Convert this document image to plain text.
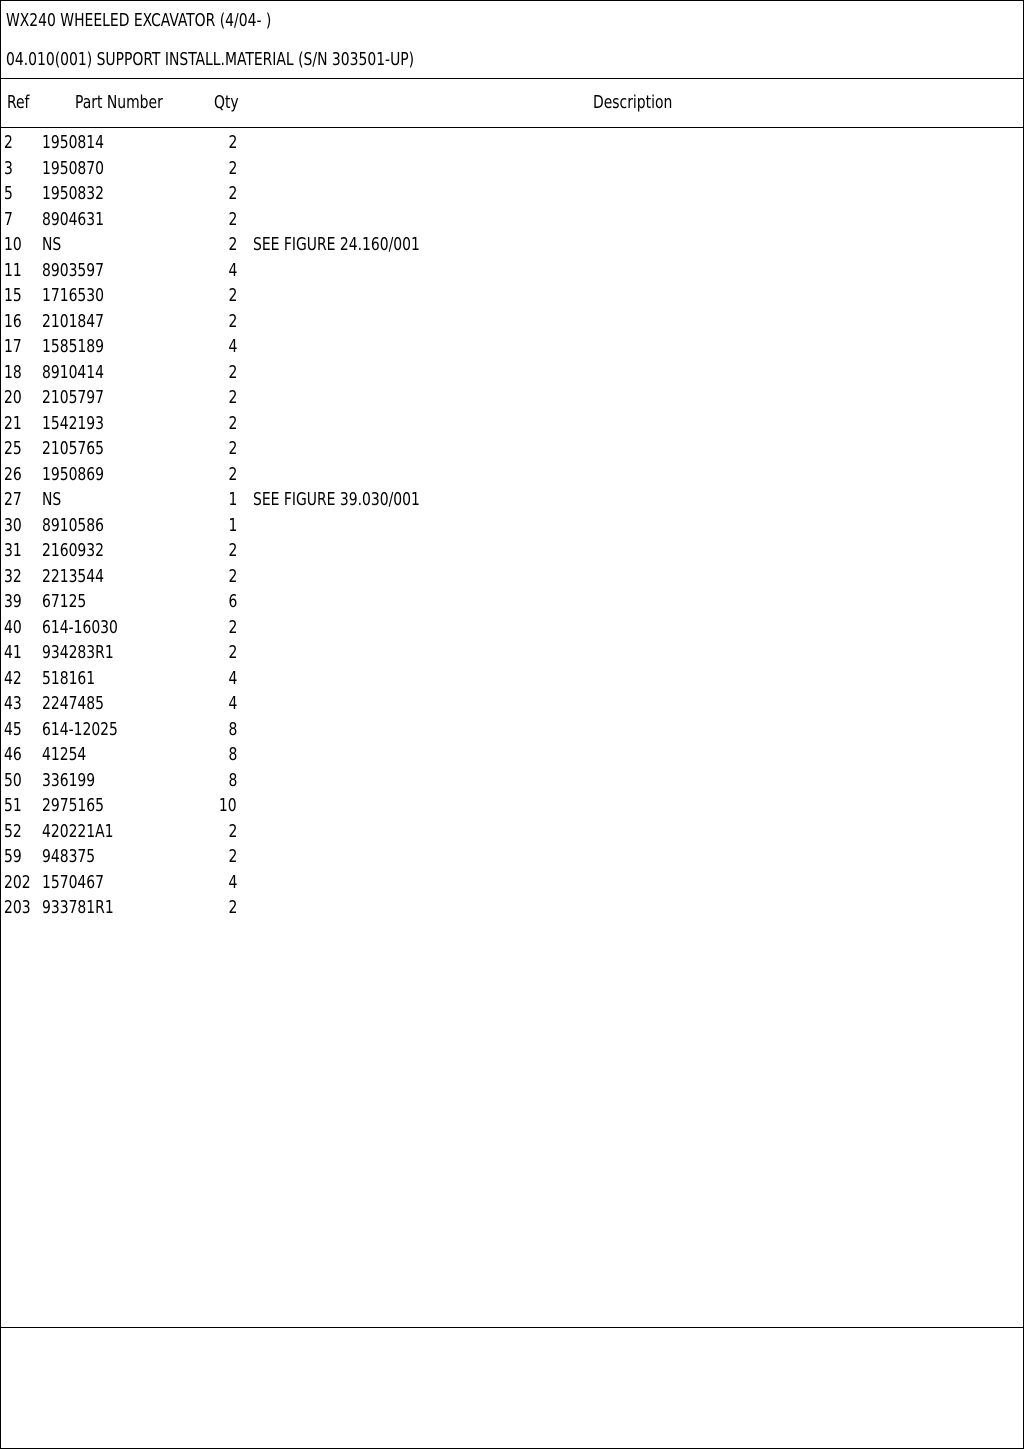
WX240 WHEELED EXCAVATOR (4/04- )
04.010(001) SUPPORT INSTALL.MATERIAL (S/N 303501-UP)
Ref	Part Number	Qty	Description
2 1950814	2
3 1950870	2
5 1950832	2
7 8904631	2
10 NS	2 SEE FIGURE 24.160/001
11 8903597	4
15 1716530	2
16 2101847	2
17 1585189	4
18 8910414	2
20 2105797	2
21 1542193	2
25 2105765	2
26 1950869	2
27 NS	1 SEE FIGURE 39.030/001
30 8910586	1
31 2160932	2
32 2213544	2
39 67125	6
40 614-16030	2
41 934283R1	2
42 518161	4
43 2247485	4
45 614-12025	8
46 41254	8
50 336199	8
51 2975165	10
52 420221A1	2
59 948375	2
202 1570467	4
203 933781R1	2
